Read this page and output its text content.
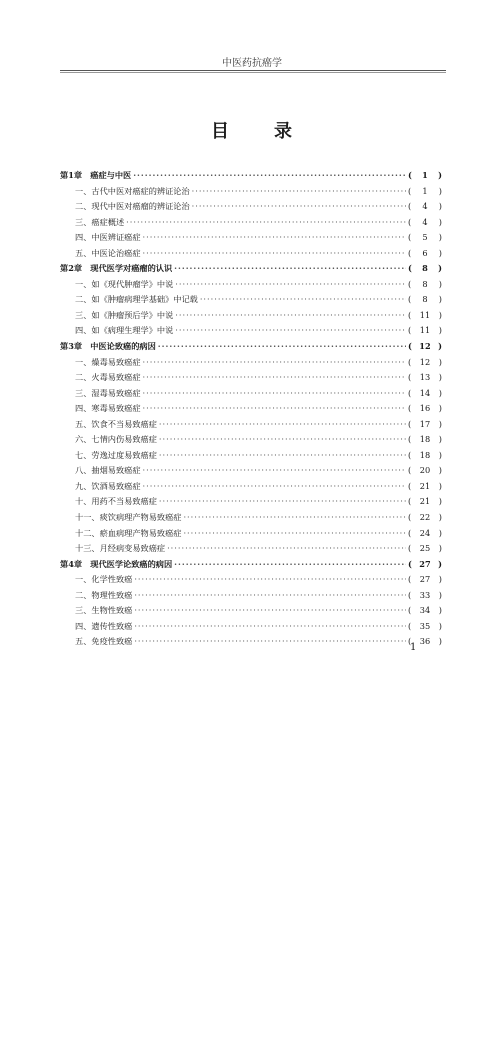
中医药抗癌学
目 录
第1章　癌症与中医 ·····	(	1	)
一、古代中医对癌症的辨证论治 ·····	(	1	)
二、现代中医对癌瘤的辨证论治 ·····	(	4	)
三、癌症概述 ·····	(	4	)
四、中医辨证癌症 ·····	(	5	)
五、中医论治癌症 ·····	(	6	)
第2章　现代医学对癌瘤的认识 ·····	(	8	)
一、如《现代肿瘤学》中说 ·····	(	8	)
二、如《肿瘤病理学基础》中记载 ·····	(	8	)
三、如《肿瘤预后学》中说 ·····	(	11	)
四、如《病理生理学》中说 ·····	(	11	)
第3章　中医论致癌的病因 ·····	( 12 )
一、燥毒易致癌症 ·····	(	12	)
二、火毒易致癌症 ·····	(	13	)
三、湿毒易致癌症 ·····	(	14	)
四、寒毒易致癌症 ·····	(	16	)
五、饮食不当易致癌症 ·····	(	17	)
六、七情内伤易致癌症 ·····	(	18	)
七、劳逸过度易致癌症 ·····	(	18	)
八、抽烟易致癌症 ·····	(	20	)
九、饮酒易致癌症 ·····	(	21	)
十、用药不当易致癌症 ·····	(	21	)
十一、痰饮病理产物易致癌症 ·····	(	22	)
十二、瘀血病理产物易致癌症 ·····	(	24	)
十三、月经病变易致癌症 ·····	(	25	)
第4章　现代医学论致癌的病因 ·····	( 27 )
一、化学性致癌 ·····	(	27	)
二、物理性致癌 ·····	(	33	)
三、生物性致癌 ·····	(	34	)
四、遗传性致癌 ·····	(	35	)
五、免疫性致癌 ·····	(	36	)
1
